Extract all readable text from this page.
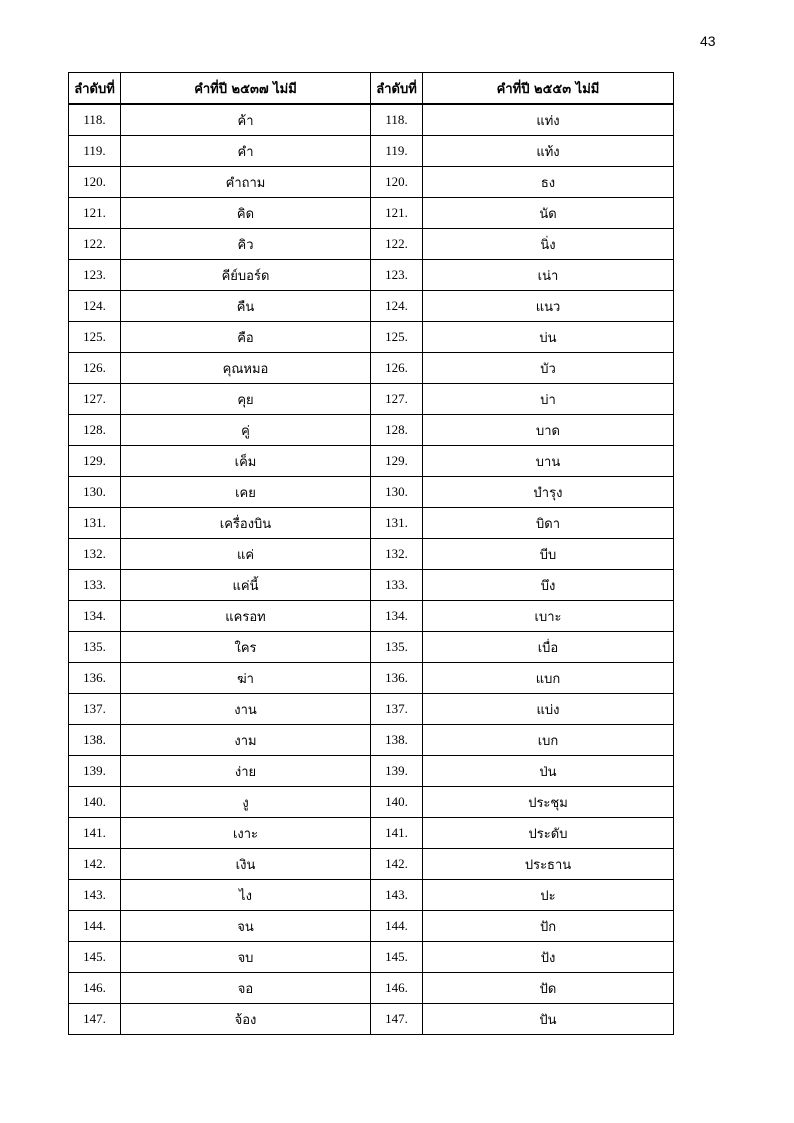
43
ลำดับที่	คำที่ปี ๒๕๓๗ ไม่มี	ลำดับที่	คำที่ปี ๒๕๕๓ ไม่มี
118.	ค้า	118.	แท่ง
119.	คำ	119.	แท้ง
120.	คำถาม	120.	ธง
121.	คิด	121.	นัด
122.	คิว	122.	นิ่ง
123.	คีย์บอร์ด	123.	เน่า
124.	คืน	124.	แนว
125.	คือ	125.	บ่น
126.	คุณหมอ	126.	บัว
127.	คุย	127.	บ่า
128.	คู่	128.	บาด
129.	เค็ม	129.	บาน
130.	เคย	130.	บำรุง
131.	เครื่องบิน	131.	บิดา
132.	แค่	132.	บีบ
133.	แค่นี้	133.	บึง
134.	แครอท	134.	เบาะ
135.	ใคร	135.	เบื่อ
136.	ฆ่า	136.	แบก
137.	งาน	137.	แบ่ง
138.	งาม	138.	เบก
139.	ง่าย	139.	ป่น
140.	งู	140.	ประชุม
141.	เงาะ	141.	ประดับ
142.	เงิน	142.	ประธาน
143.	ไง	143.	ปะ
144.	จน	144.	ปัก
145.	จบ	145.	ปัง
146.	จอ	146.	ปัด
147.	จ้อง	147.	ปัน
